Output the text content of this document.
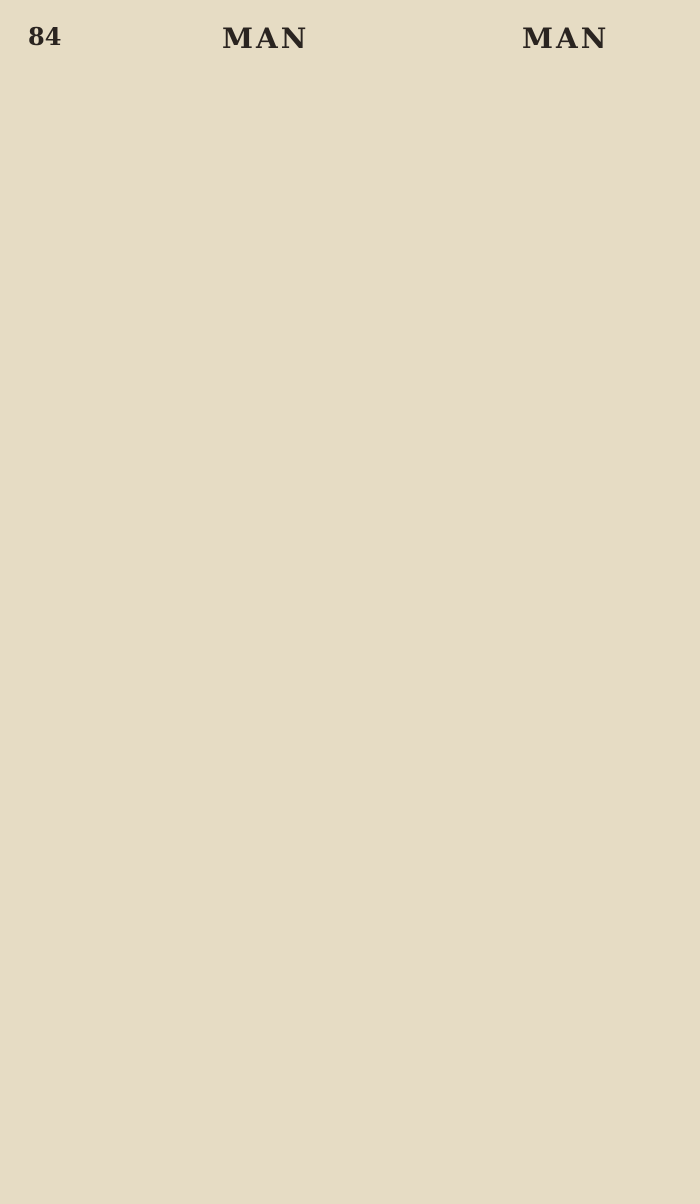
84	MAN	MAN
